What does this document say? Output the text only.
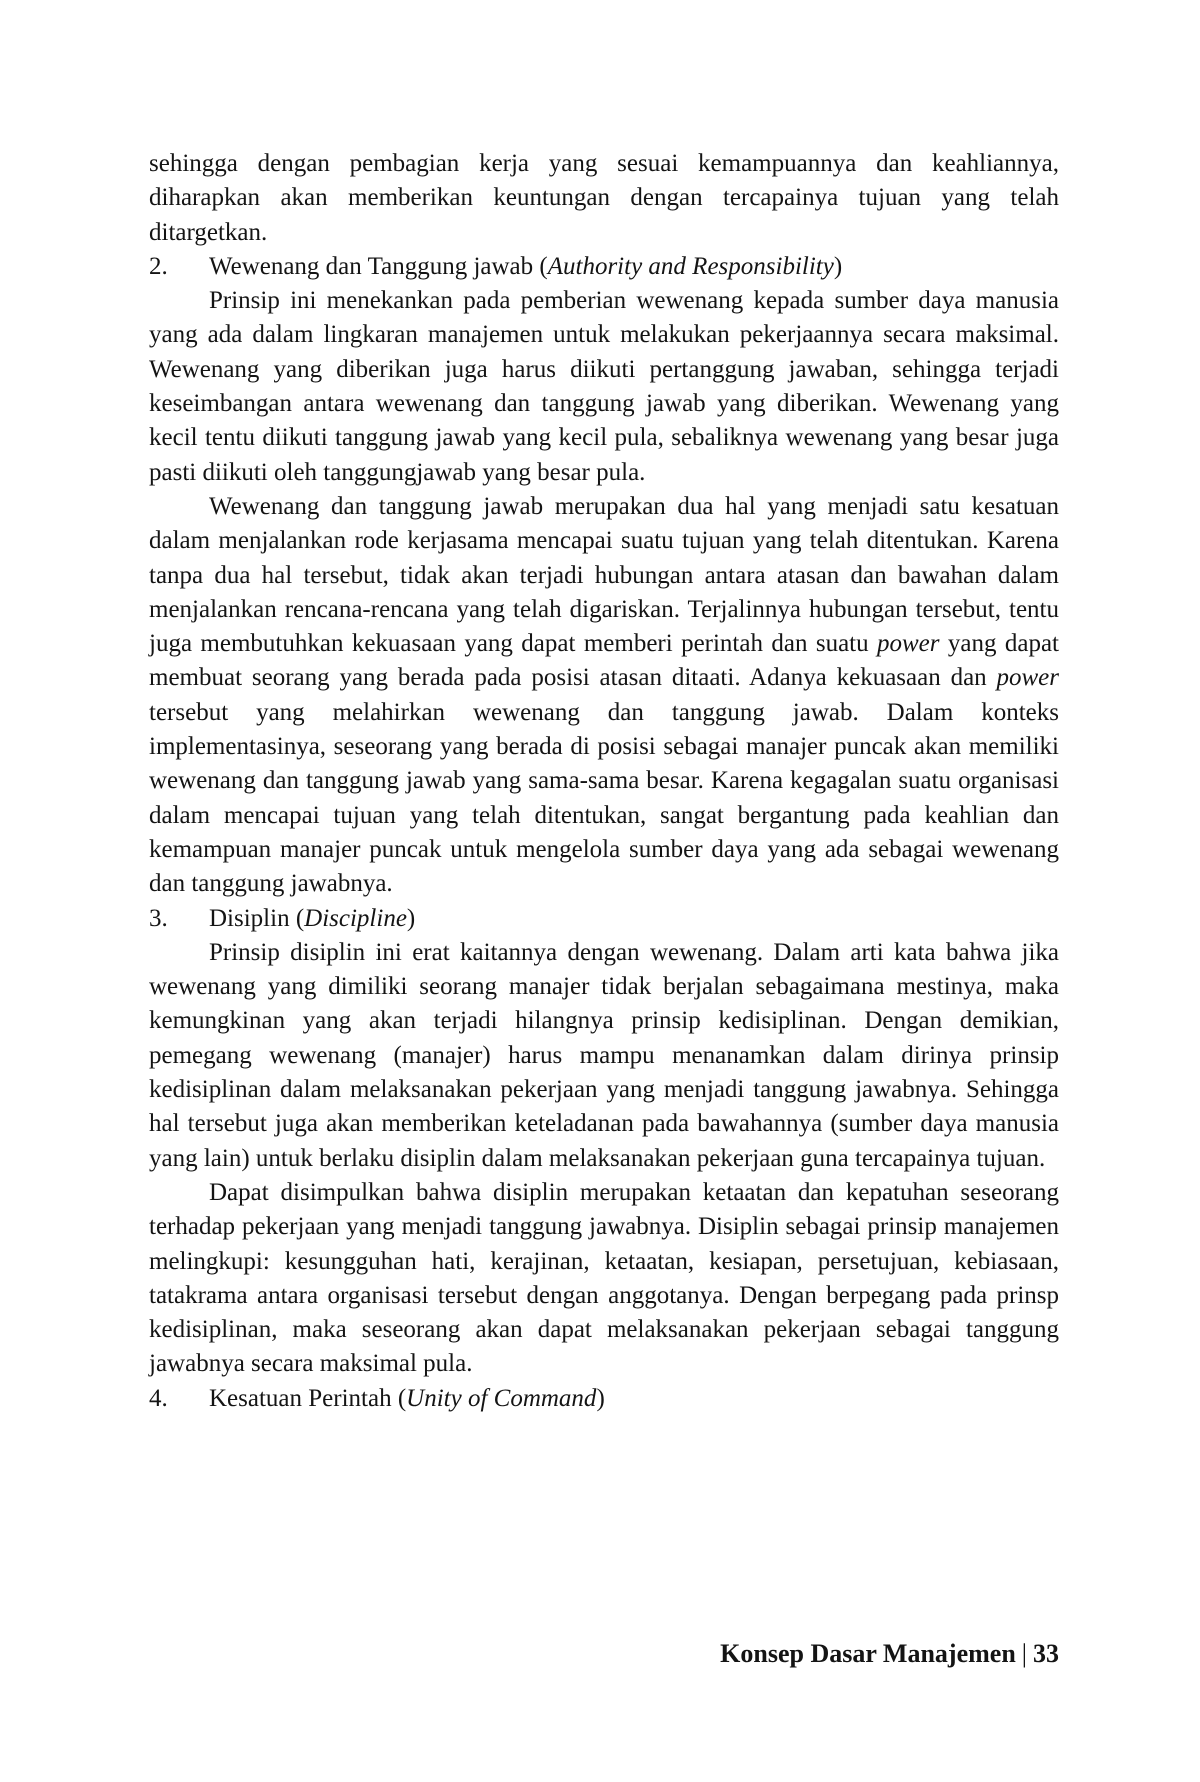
sehingga dengan pembagian kerja yang sesuai kemampuannya dan keahliannya, diharapkan akan memberikan keuntungan dengan tercapainya tujuan yang telah ditargetkan.

2.	Wewenang dan Tanggung jawab (Authority and Responsibility)

Prinsip ini menekankan pada pemberian wewenang kepada sumber daya manusia yang ada dalam lingkaran manajemen untuk melakukan pekerjaannya secara maksimal. Wewenang yang diberikan juga harus diikuti pertanggung jawaban, sehingga terjadi keseimbangan antara wewenang dan tanggung jawab yang diberikan. Wewenang yang kecil tentu diikuti tanggung jawab yang kecil pula, sebaliknya wewenang yang besar juga pasti diikuti oleh tanggungjawab yang besar pula.

Wewenang dan tanggung jawab merupakan dua hal yang menjadi satu kesatuan dalam menjalankan rode kerjasama mencapai suatu tujuan yang telah ditentukan. Karena tanpa dua hal tersebut, tidak akan terjadi hubungan antara atasan dan bawahan dalam menjalankan rencana-rencana yang telah digariskan. Terjalinnya hubungan tersebut, tentu juga membutuhkan kekuasaan yang dapat memberi perintah dan suatu power yang dapat membuat seorang yang berada pada posisi atasan ditaati. Adanya kekuasaan dan power tersebut yang melahirkan wewenang dan tanggung jawab. Dalam konteks implementasinya, seseorang yang berada di posisi sebagai manajer puncak akan memiliki wewenang dan tanggung jawab yang sama-sama besar. Karena kegagalan suatu organisasi dalam mencapai tujuan yang telah ditentukan, sangat bergantung pada keahlian dan kemampuan manajer puncak untuk mengelola sumber daya yang ada sebagai wewenang dan tanggung jawabnya.

3.	Disiplin (Discipline)

Prinsip disiplin ini erat kaitannya dengan wewenang. Dalam arti kata bahwa jika wewenang yang dimiliki seorang manajer tidak berjalan sebagaimana mestinya, maka kemungkinan yang akan terjadi hilangnya prinsip kedisiplinan. Dengan demikian, pemegang wewenang (manajer) harus mampu menanamkan dalam dirinya prinsip kedisiplinan dalam melaksanakan pekerjaan yang menjadi tanggung jawabnya. Sehingga hal tersebut juga akan memberikan keteladanan pada bawahannya (sumber daya manusia yang lain) untuk berlaku disiplin dalam melaksanakan pekerjaan guna tercapainya tujuan.

Dapat disimpulkan bahwa disiplin merupakan ketaatan dan kepatuhan seseorang terhadap pekerjaan yang menjadi tanggung jawabnya. Disiplin sebagai prinsip manajemen melingkupi: kesungguhan hati, kerajinan, ketaatan, kesiapan, persetujuan, kebiasaan, tatakrama antara organisasi tersebut dengan anggotanya. Dengan berpegang pada prinsp kedisiplinan, maka seseorang akan dapat melaksanakan pekerjaan sebagai tanggung jawabnya secara maksimal pula.

4.	Kesatuan Perintah (Unity of Command)
Konsep Dasar Manajemen | 33
